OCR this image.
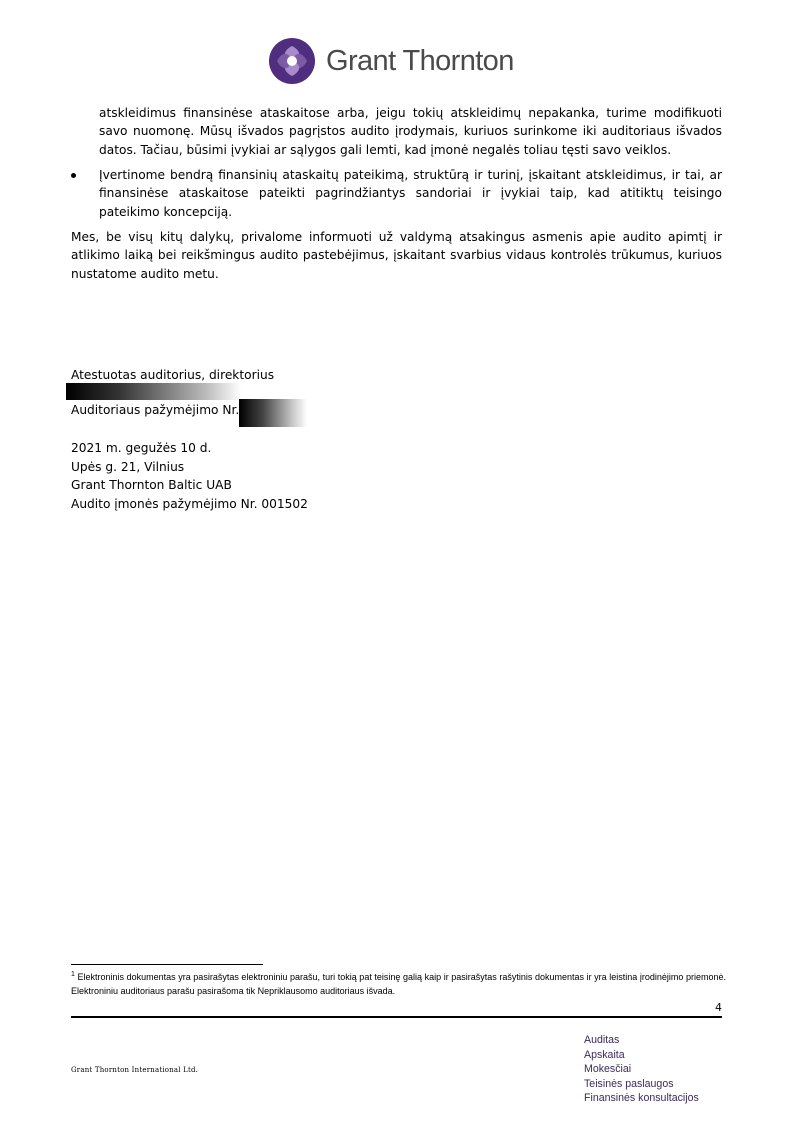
Grant Thornton
atskleidimus finansinėse ataskaitose arba, jeigu tokių atskleidimų nepakanka, turime modifikuoti savo nuomonę. Mūsų išvados pagrįstos audito įrodymais, kuriuos surinkome iki auditoriaus išvados datos. Tačiau, būsimi įvykiai ar sąlygos gali lemti, kad įmonė negalės toliau tęsti savo veiklos.
Įvertinome bendrą finansinių ataskaitų pateikimą, struktūrą ir turinį, įskaitant atskleidimus, ir tai, ar finansinėse ataskaitose pateikti pagrindžiantys sandoriai ir įvykiai taip, kad atitiktų teisingo pateikimo koncepciją.
Mes, be visų kitų dalykų, privalome informuoti už valdymą atsakingus asmenis apie audito apimtį ir atlikimo laiką bei reikšmingus audito pastebėjimus, įskaitant svarbius vidaus kontrolės trūkumus, kuriuos nustatome audito metu.
Atestuotas auditorius, direktorius
Auditoriaus pažymėjimo Nr.
2021 m. gegužės 10 d.
Upės g. 21, Vilnius
Grant Thornton Baltic UAB
Audito įmonės pažymėjimo Nr. 001502
$^1$ Elektroninis dokumentas yra pasirašytas elektroniniu parašu, turi tokią pat teisinę galią kaip ir pasirašytas rašytinis dokumentas ir yra leistina įrodinėjimo priemonė. Elektroniniu auditoriaus parašu pasirašoma tik Nepriklausomo auditoriaus išvada.
4
Grant Thornton International Ltd.
Auditas
Apskaita
Mokesčiai
Teisinės paslaugos
Finansinės konsultacijos
